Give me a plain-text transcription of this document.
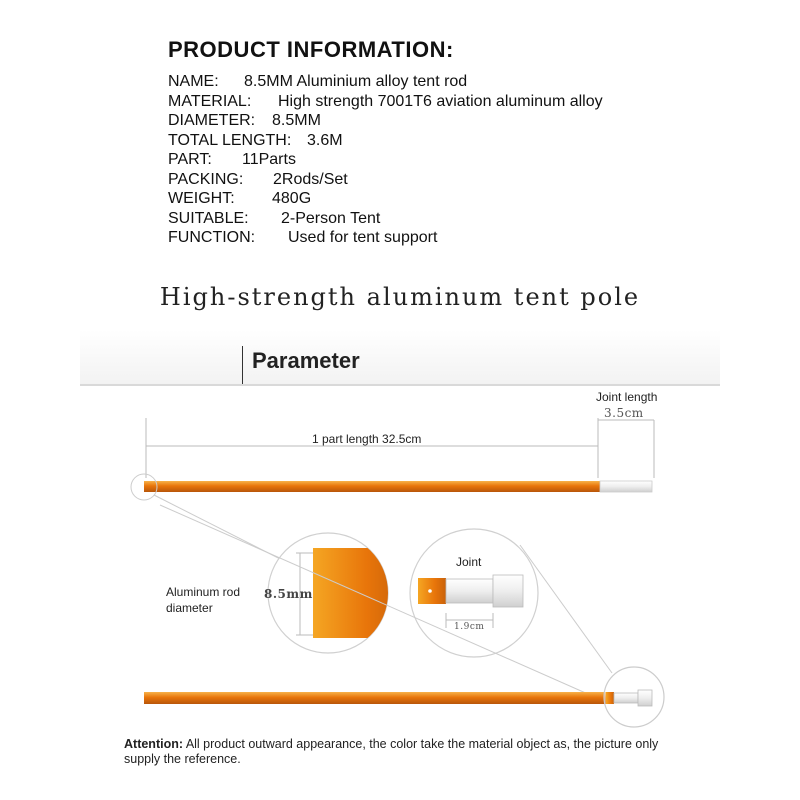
PRODUCT INFORMATION:
NAME: 8.5MM Aluminium alloy tent rod
MATERIAL: High strength 7001T6 aviation aluminum alloy
DIAMETER: 8.5MM
TOTAL LENGTH: 3.6M
PART: 11Parts
PACKING: 2Rods/Set
WEIGHT: 480G
SUITABLE: 2-Person Tent
FUNCTION: Used for tent support
High-strength aluminum tent pole
Parameter
Joint length
3.5cm
1 part length 32.5cm
Aluminum rod
diameter
8.5mm
Joint
1.9cm
Attention: All product outward appearance, the color take the material object as, the picture only supply the reference.
